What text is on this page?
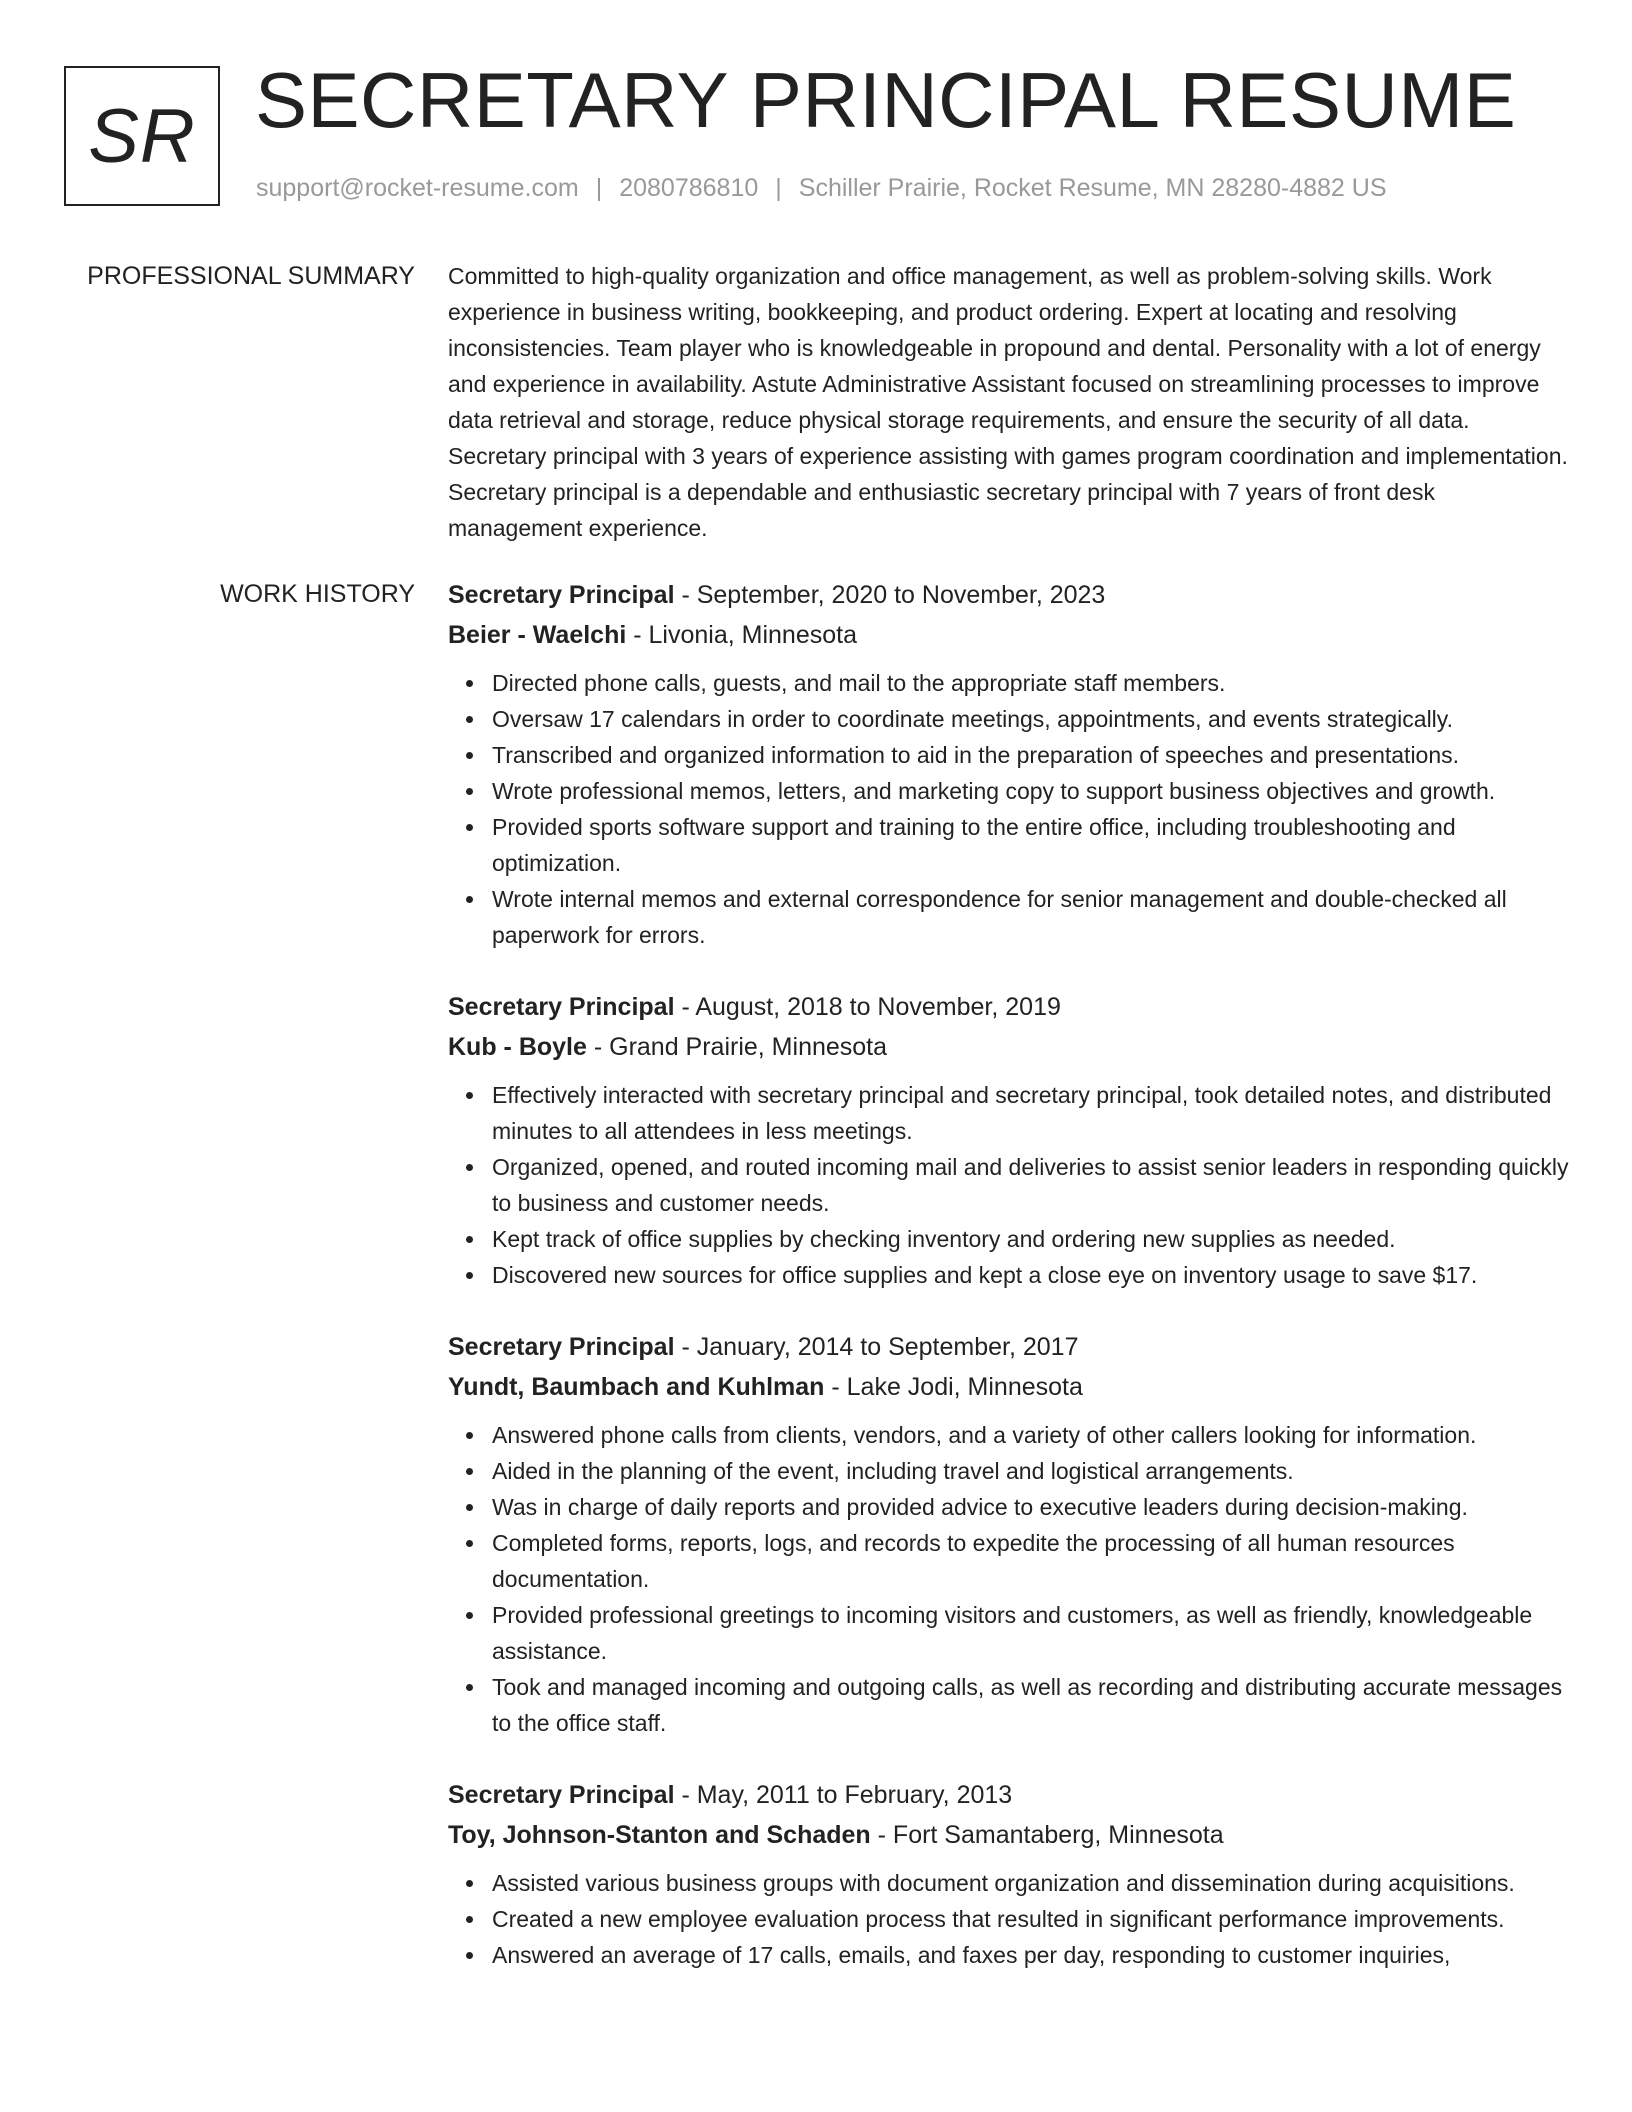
SR SECRETARY PRINCIPAL RESUME
support@rocket-resume.com | 2080786810 | Schiller Prairie, Rocket Resume, MN 28280-4882 US
PROFESSIONAL SUMMARY Committed to high-quality organization and office management, as well as problem-solving skills. Work experience in business writing, bookkeeping, and product ordering. Expert at locating and resolving inconsistencies. Team player who is knowledgeable in propound and dental. Personality with a lot of energy and experience in availability. Astute Administrative Assistant focused on streamlining processes to improve data retrieval and storage, reduce physical storage requirements, and ensure the security of all data. Secretary principal with 3 years of experience assisting with games program coordination and implementation. Secretary principal is a dependable and enthusiastic secretary principal with 7 years of front desk management experience.

WORK HISTORY Secretary Principal - September, 2020 to November, 2023
Beier - Waelchi - Livonia, Minnesota
Directed phone calls, guests, and mail to the appropriate staff members.
Oversaw 17 calendars in order to coordinate meetings, appointments, and events strategically.
Transcribed and organized information to aid in the preparation of speeches and presentations.
Wrote professional memos, letters, and marketing copy to support business objectives and growth.
Provided sports software support and training to the entire office, including troubleshooting and optimization.
Wrote internal memos and external correspondence for senior management and double-checked all paperwork for errors.
Secretary Principal - August, 2018 to November, 2019
Kub - Boyle - Grand Prairie, Minnesota
Effectively interacted with secretary principal and secretary principal, took detailed notes, and distributed minutes to all attendees in less meetings.
Organized, opened, and routed incoming mail and deliveries to assist senior leaders in responding quickly to business and customer needs.
Kept track of office supplies by checking inventory and ordering new supplies as needed.
Discovered new sources for office supplies and kept a close eye on inventory usage to save $17.
Secretary Principal - January, 2014 to September, 2017
Yundt, Baumbach and Kuhlman - Lake Jodi, Minnesota
Answered phone calls from clients, vendors, and a variety of other callers looking for information.
Aided in the planning of the event, including travel and logistical arrangements.
Was in charge of daily reports and provided advice to executive leaders during decision-making.
Completed forms, reports, logs, and records to expedite the processing of all human resources documentation.
Provided professional greetings to incoming visitors and customers, as well as friendly, knowledgeable assistance.
Took and managed incoming and outgoing calls, as well as recording and distributing accurate messages to the office staff.
Secretary Principal - May, 2011 to February, 2013
Toy, Johnson-Stanton and Schaden - Fort Samantaberg, Minnesota
Assisted various business groups with document organization and dissemination during acquisitions.
Created a new employee evaluation process that resulted in significant performance improvements.
Answered an average of 17 calls, emails, and faxes per day, responding to customer inquiries,
